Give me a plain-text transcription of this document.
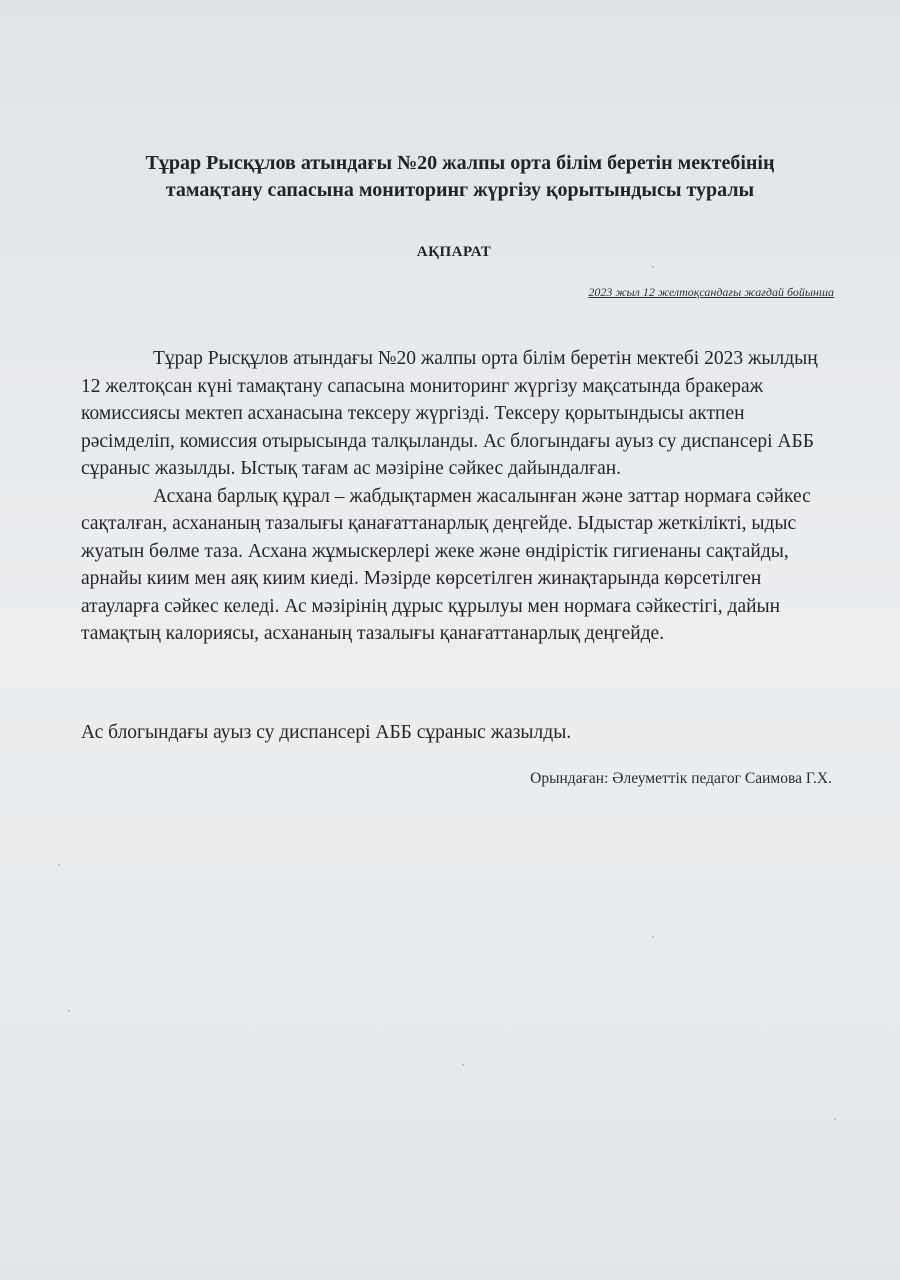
Тұрар Рысқұлов атындағы №20 жалпы орта білім беретін мектебінің
тамақтану сапасына мониторинг жүргізу қорытындысы туралы
АҚПАРАТ
2023 жыл 12 желтоқсандағы жағдай бойынша

Тұрар Рысқұлов атындағы №20 жалпы орта білім беретін мектебі 2023 жылдың 12 желтоқсан күні тамақтану сапасына мониторинг жүргізу мақсатында бракераж комиссиясы мектеп асханасына тексеру жүргізді. Тексеру қорытындысы актпен рәсімделіп, комиссия отырысында талқыланды. Ас блогындағы ауыз су диспансері АББ сұраныс жазылды. Ыстық тағам ас мәзіріне сәйкес дайындалған.

Асхана барлық құрал – жабдықтармен жасалынған және заттар нормаға сәйкес сақталған, асхананың тазалығы қанағаттанарлық деңгейде. Ыдыстар жеткілікті, ыдыс жуатын бөлме таза. Асхана жұмыскерлері жеке және өндірістік гигиенаны сақтайды, арнайы киим мен аяқ киим киеді. Мәзірде көрсетілген жинақтарында көрсетілген атауларға сәйкес келеді. Ас мәзірінің дұрыс құрылуы мен нормаға сәйкестігі, дайын тамақтың калориясы, асхананың тазалығы қанағаттанарлық деңгейде.

Ас блогындағы ауыз су диспансері АББ сұраныс жазылды.
Орындаған: Әлеуметтік педагог Саимова Г.Х.
